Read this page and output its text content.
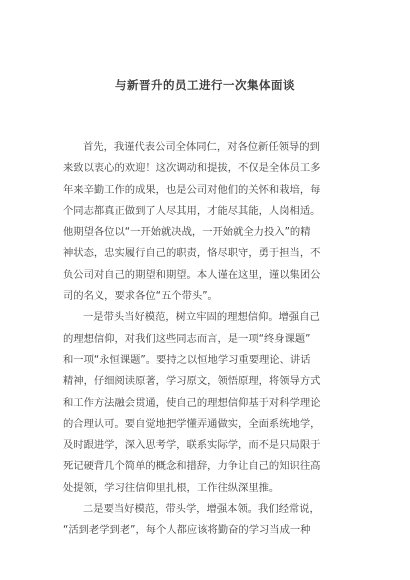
与新晋升的员工进行一次集体面谈
首先，我谨代表公司全体同仁，对各位新任领导的到
来致以衷心的欢迎！这次调动和提拔，不仅是全体员工多
年来辛勤工作的成果，也是公司对他们的关怀和栽培，每
个同志都真正做到了人尽其用，才能尽其能，人岗相适。
他期望各位以“一开始就决战，一开始就全力投入”的精
神状态，忠实履行自己的职责，恪尽职守，勇于担当，不
负公司对自己的期望和期望。本人谨在这里，谨以集团公
司的名义，要求各位“五个带头”。
一是带头当好模范，树立牢固的理想信仰。增强自己
的理想信仰，对我们这些同志而言，是一项“终身课题”
和一项“永恒课题”。要持之以恒地学习重要理论、讲话
精神，仔细阅读原著，学习原文，领悟原理，将领导方式
和工作方法融会贯通，使自己的理想信仰基于对科学理论
的合理认可。要自觉地把学懂弄通做实，全面系统地学，
及时跟进学，深入思考学，联系实际学，而不是只局限于
死记硬背几个简单的概念和措辞，力争让自己的知识往高
处提领，学习往信仰里扎根，工作往纵深里推。
二是要当好模范，带头学，增强本领。我们经常说，
“活到老学到老”，每个人都应该将勤奋的学习当成一种
